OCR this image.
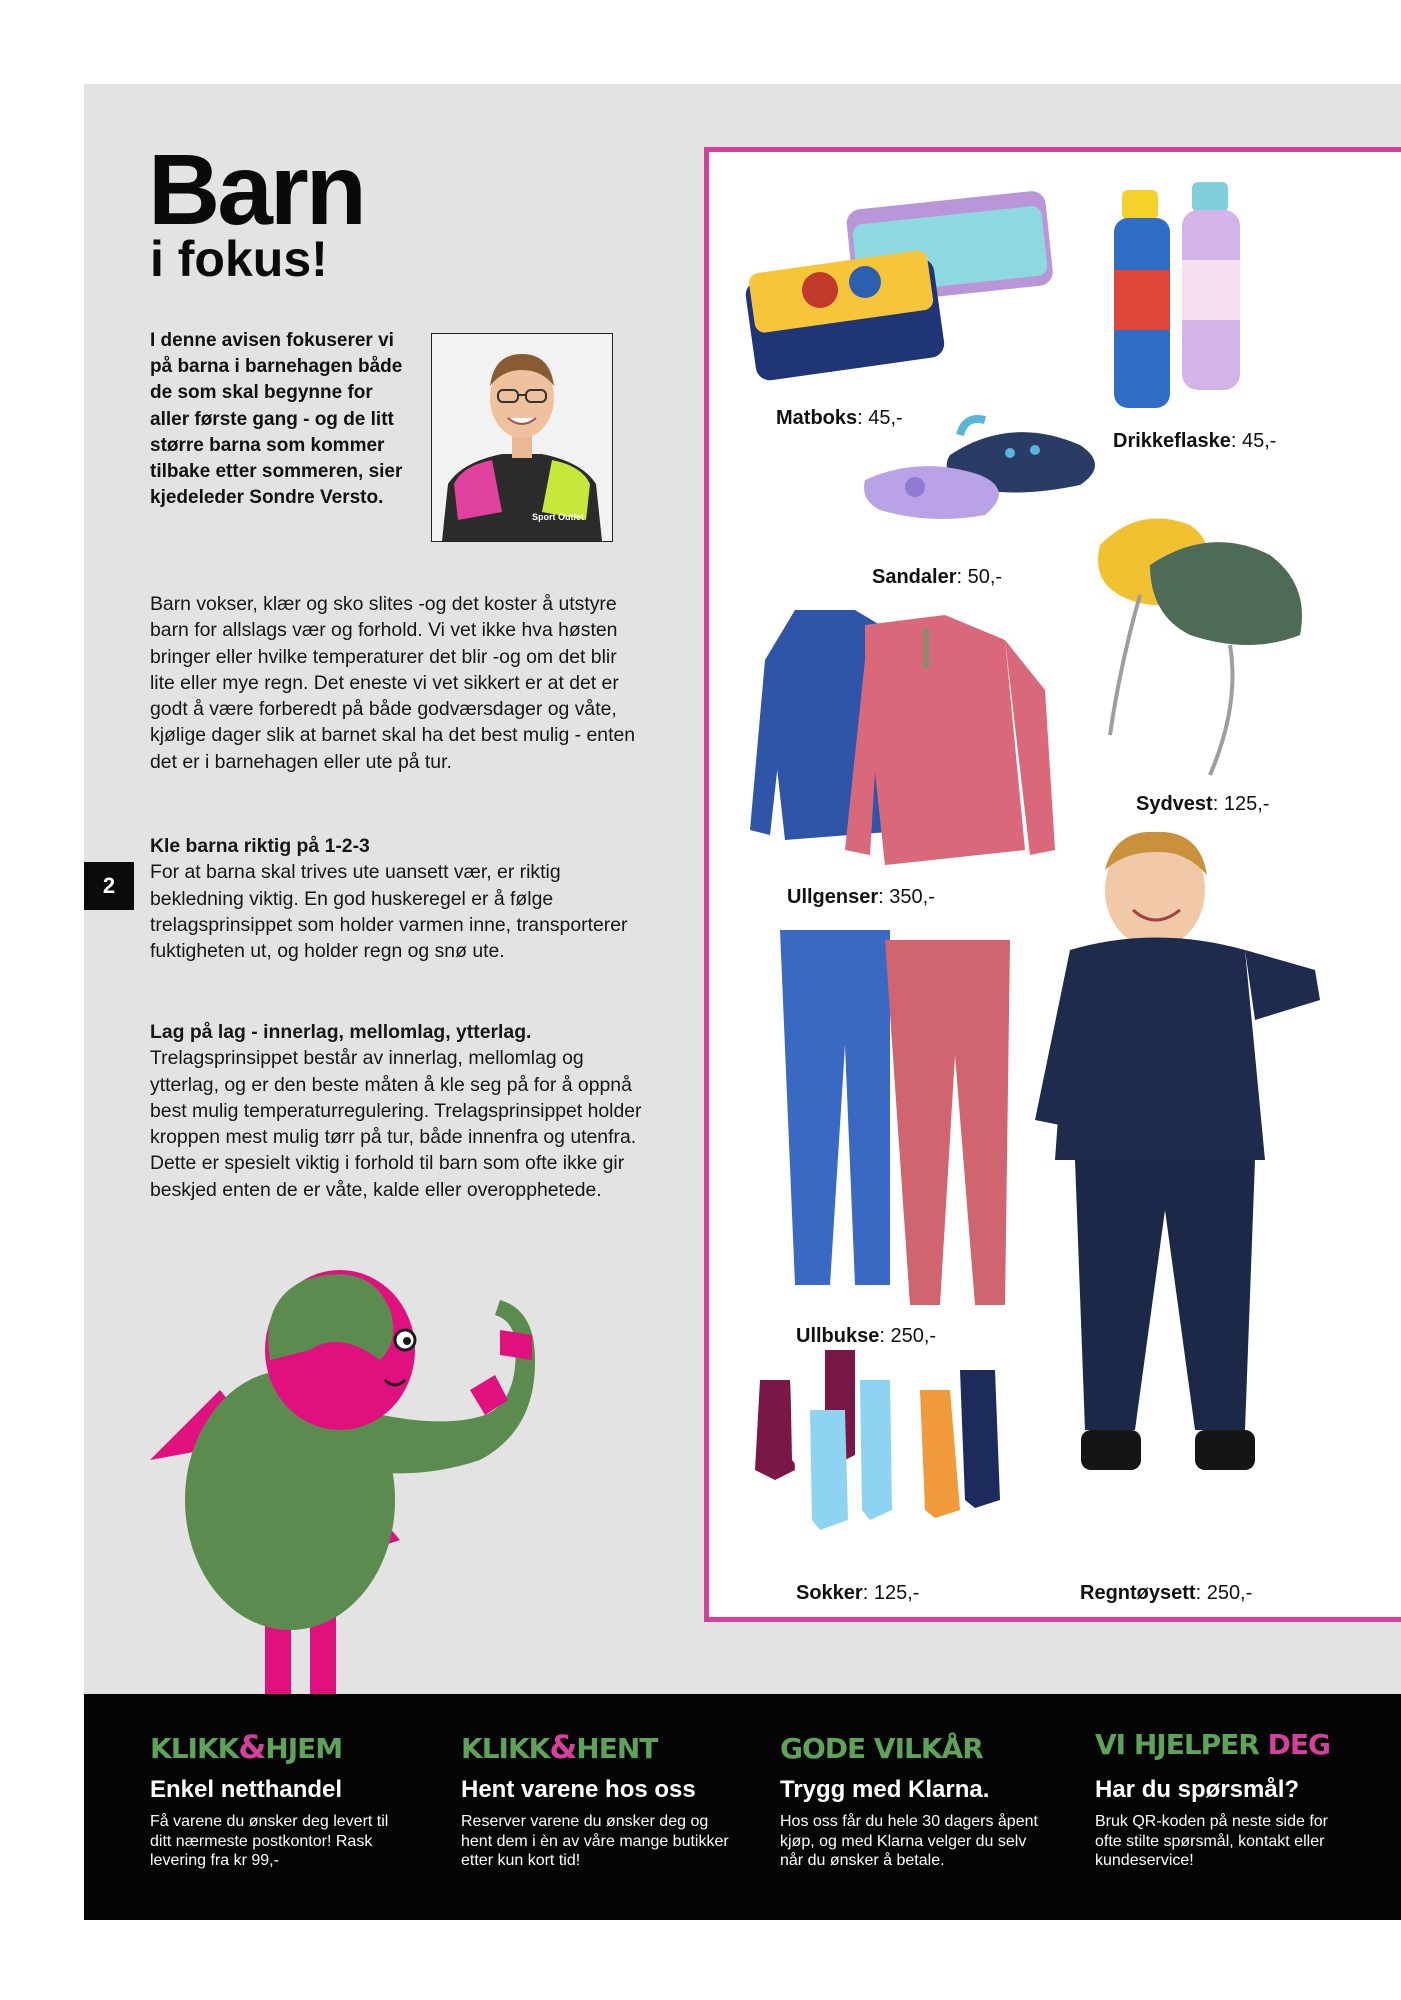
Barn
i fokus!

I denne avisen fokuserer vi på barna i barnehagen både de som skal begynne for aller første gang - og de litt større barna som kommer tilbake etter sommeren, sier kjedeleder Sondre Versto.

Sport Outlet

Barn vokser, klær og sko slites -og det koster å utstyre barn for allslags vær og forhold. Vi vet ikke hva høsten bringer eller hvilke temperaturer det blir -og om det blir lite eller mye regn. Det eneste vi vet sikkert er at det er godt å være forberedt på både godværsdager og våte, kjølige dager slik at barnet skal ha det best mulig - enten det er i barnehagen eller ute på tur.

Kle barna riktig på 1-2-3
For at barna skal trives ute uansett vær, er riktig bekledning viktig. En god huskeregel er å følge trelagsprinsippet som holder varmen inne, transporterer fuktigheten ut, og holder regn og snø ute.
Lag på lag - innerlag, mellomlag, ytterlag.
Trelagsprinsippet består av innerlag, mellomlag og ytterlag, og er den beste måten å kle seg på for å oppnå best mulig temperaturregulering. Trelagsprinsippet holder kroppen mest mulig tørr på tur, både innenfra og utenfra. Dette er spesielt viktig i forhold til barn som ofte ikke gir beskjed enten de er våte, kalde eller overopphetede.
2
Matboks: 45,-
Drikkeflaske: 45,-
Sandaler: 50,-
Sydvest: 125,-
Ullgenser: 350,-
Ullbukse: 250,-
Sokker: 125,-	Regntøysett: 250,-
KLIKK&HJEM
Enkel netthandel
Få varene du ønsker deg levert til ditt nærmeste postkontor! Rask levering fra kr 99,-
KLIKK&HENT
Hent varene hos oss
Reserver varene du ønsker deg og hent dem i èn av våre mange butikker etter kun kort tid!
GODE VILKÅR
Trygg med Klarna.
Hos oss får du hele 30 dagers åpent kjøp, og med Klarna velger du selv når du ønsker å betale.
VI HJELPER DEG
Har du spørsmål?
Bruk QR-koden på neste side for ofte stilte spørsmål, kontakt eller kundeservice!
